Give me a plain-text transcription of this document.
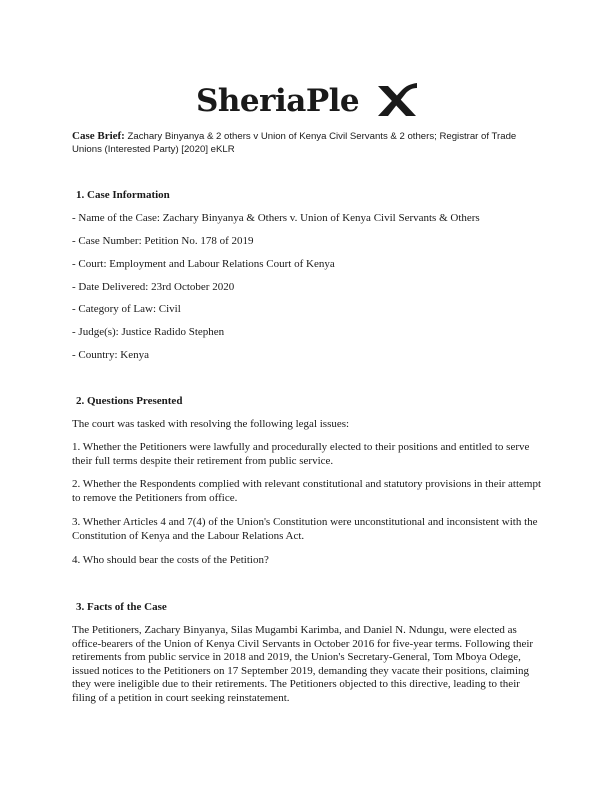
SheriaPle
Case Brief: Zachary Binyanya & 2 others v Union of Kenya Civil Servants & 2 others; Registrar of Trade Unions (Interested Party) [2020] eKLR
1. Case Information
- Name of the Case: Zachary Binyanya & Others v. Union of Kenya Civil Servants & Others
- Case Number: Petition No. 178 of 2019
- Court: Employment and Labour Relations Court of Kenya
- Date Delivered: 23rd October 2020
- Category of Law: Civil
- Judge(s): Justice Radido Stephen
- Country: Kenya
2. Questions Presented
The court was tasked with resolving the following legal issues:
1. Whether the Petitioners were lawfully and procedurally elected to their positions and entitled to serve their full terms despite their retirement from public service.
2. Whether the Respondents complied with relevant constitutional and statutory provisions in their attempt to remove the Petitioners from office.
3. Whether Articles 4 and 7(4) of the Union's Constitution were unconstitutional and inconsistent with the Constitution of Kenya and the Labour Relations Act.
4. Who should bear the costs of the Petition?
3. Facts of the Case
The Petitioners, Zachary Binyanya, Silas Mugambi Karimba, and Daniel N. Ndungu, were elected as office-bearers of the Union of Kenya Civil Servants in October 2016 for five-year terms. Following their retirements from public service in 2018 and 2019, the Union's Secretary-General, Tom Mboya Odege, issued notices to the Petitioners on 17 September 2019, demanding they vacate their positions, claiming they were ineligible due to their retirements. The Petitioners objected to this directive, leading to their filing of a petition in court seeking reinstatement.
